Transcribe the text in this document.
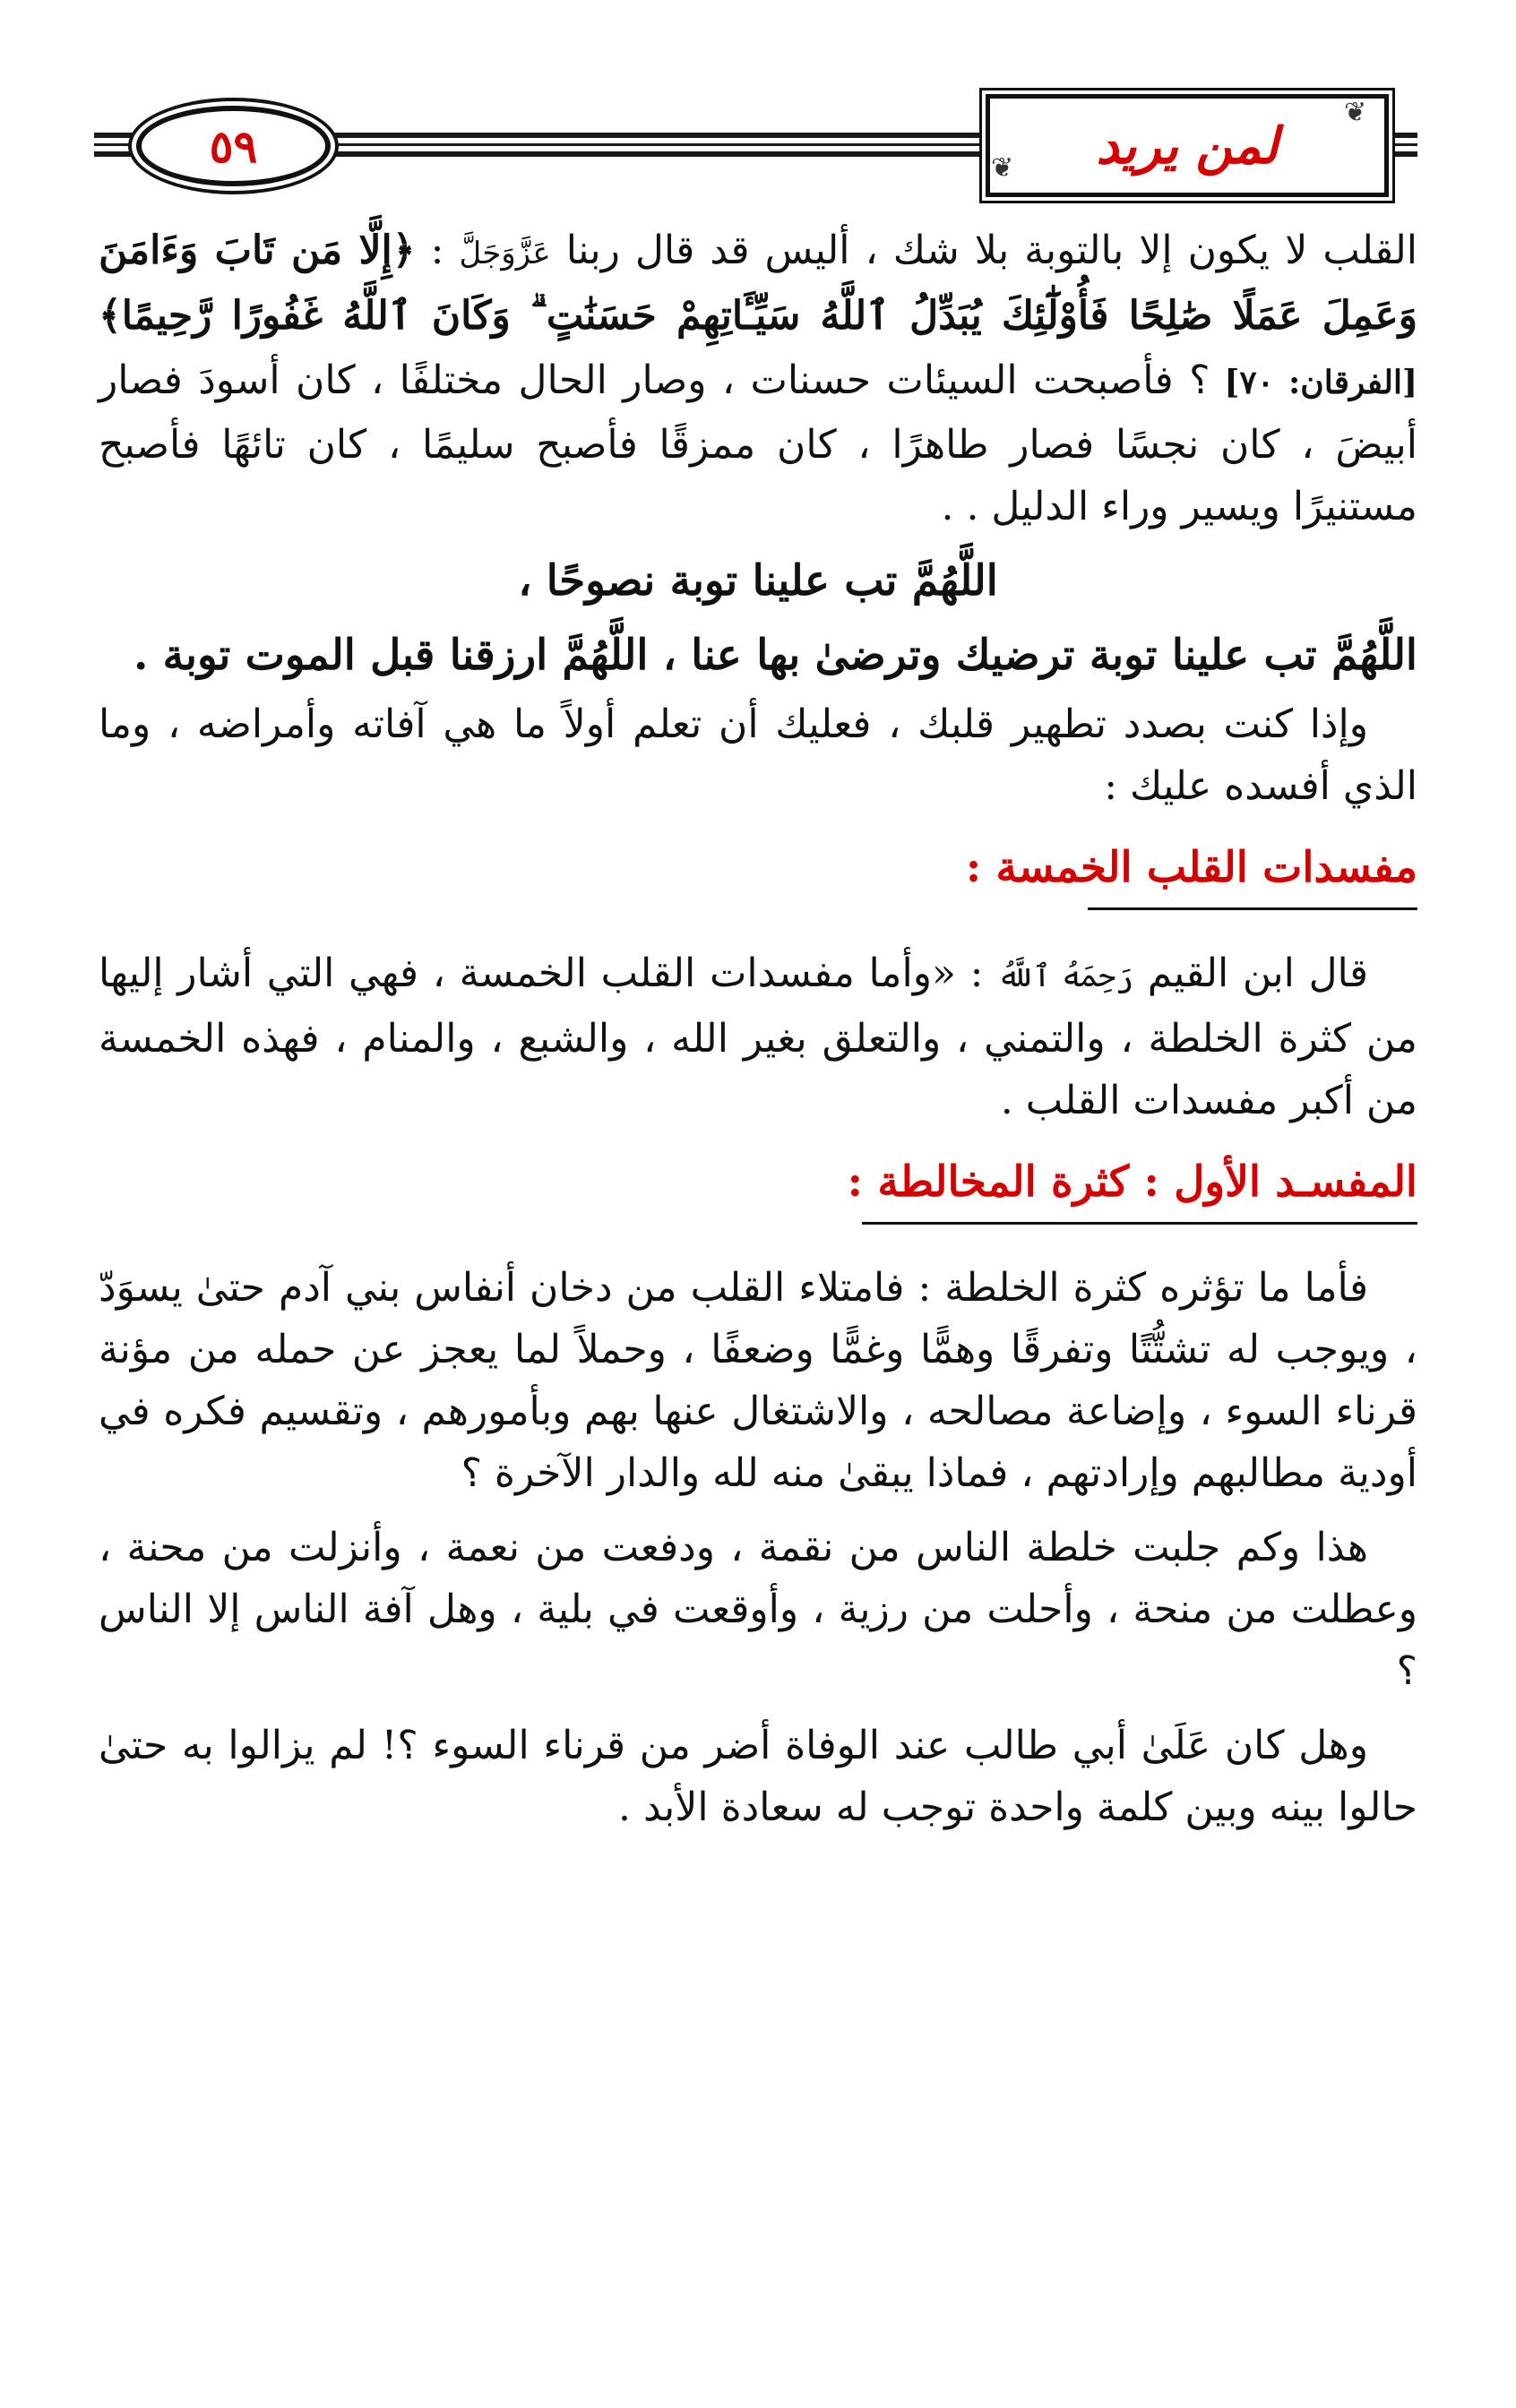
٥٩	لمن يريد
❦
❦

القلب لا يكون إلا بالتوبة بلا شك ، أليس قد قال ربنا عَزَّوَجَلَّ : ﴿إِلَّا مَن تَابَ وَءَامَنَ وَعَمِلَ عَمَلًا صَٰلِحًا فَأُوْلَٰٓئِكَ يُبَدِّلُ ٱللَّهُ سَيِّـَٔاتِهِمْ حَسَنَٰتٍ ۗ وَكَانَ ٱللَّهُ غَفُورًا رَّحِيمًا﴾ [الفرقان: ٧٠] ؟ فأصبحت السيئات حسنات ، وصار الحال مختلفًا ، كان أسودَ فصار أبيضَ ، كان نجسًا فصار طاهرًا ، كان ممزقًا فأصبح سليمًا ، كان تائهًا فأصبح مستنيرًا ويسير وراء الدليل . .

اللَّهُمَّ تب علينا توبة نصوحًا ،

اللَّهُمَّ تب علينا توبة ترضيك وترضىٰ بها عنا ، اللَّهُمَّ ارزقنا قبل الموت توبة .

وإذا كنت بصدد تطهير قلبك ، فعليك أن تعلم أولاً ما هي آفاته وأمراضه ، وما الذي أفسده عليك :

مفسدات القلب الخمسة :

قال ابن القيم رَحِمَهُ ٱللَّهُ : «وأما مفسدات القلب الخمسة ، فهي التي أشار إليها من كثرة الخلطة ، والتمني ، والتعلق بغير الله ، والشبع ، والمنام ، فهذه الخمسة من أكبر مفسدات القلب .

المفسـد الأول : كثرة المخالطة :

فأما ما تؤثره كثرة الخلطة : فامتلاء القلب من دخان أنفاس بني آدم حتىٰ يسوَدّ ، ويوجب له تشتُّتًا وتفرقًا وهمًّا وغمًّا وضعفًا ، وحملاً لما يعجز عن حمله من مؤنة قرناء السوء ، وإضاعة مصالحه ، والاشتغال عنها بهم وبأمورهم ، وتقسيم فكره في أودية مطالبهم وإرادتهم ، فماذا يبقىٰ منه لله والدار الآخرة ؟

هذا وكم جلبت خلطة الناس من نقمة ، ودفعت من نعمة ، وأنزلت من محنة ، وعطلت من منحة ، وأحلت من رزية ، وأوقعت في بلية ، وهل آفة الناس إلا الناس ؟

وهل كان عَلَىٰ أبي طالب عند الوفاة أضر من قرناء السوء ؟! لم يزالوا به حتىٰ حالوا بينه وبين كلمة واحدة توجب له سعادة الأبد .
